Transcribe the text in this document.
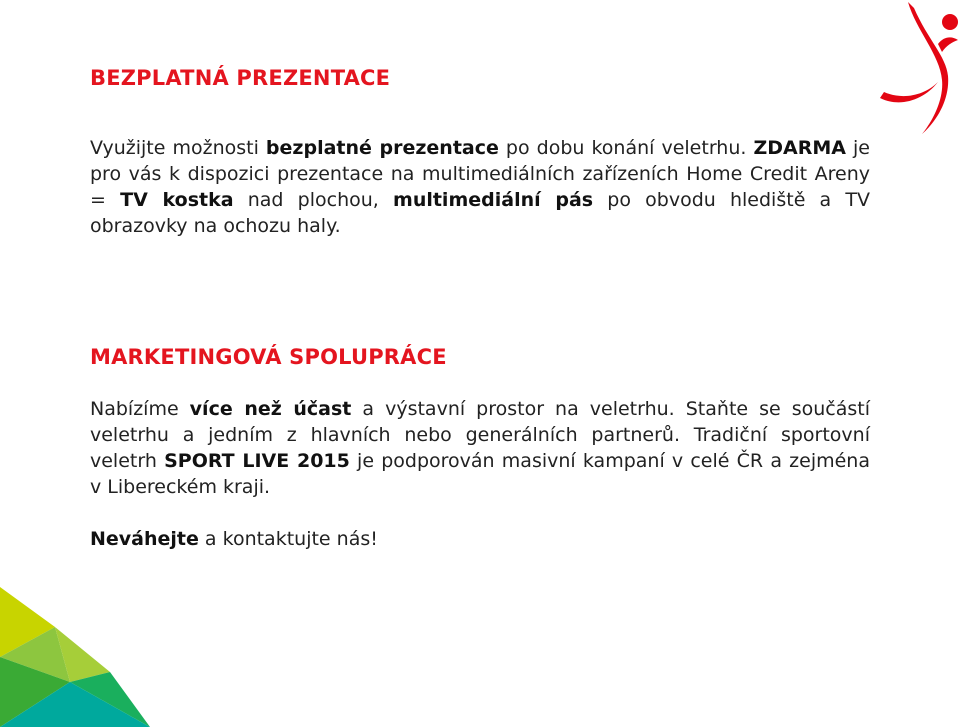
BEZPLATNÁ PREZENTACE

Využijte možnosti bezplatné prezentace po dobu konání veletrhu. ZDARMA je pro vás k dispozici prezentace na multimediálních zařízeních Home Credit Areny = TV kostka nad plochou, multimediální pás po obvodu hlediště a TV obrazovky na ochozu haly.

MARKETINGOVÁ SPOLUPRÁCE

Nabízíme více než účast a výstavní prostor na veletrhu. Staňte se součástí veletrhu a jedním z hlavních nebo generálních partnerů. Tradiční sportovní veletrh SPORT LIVE 2015 je podporován masivní kampaní v celé ČR a zejména v Libereckém kraji.

Neváhejte a kontaktujte nás!
